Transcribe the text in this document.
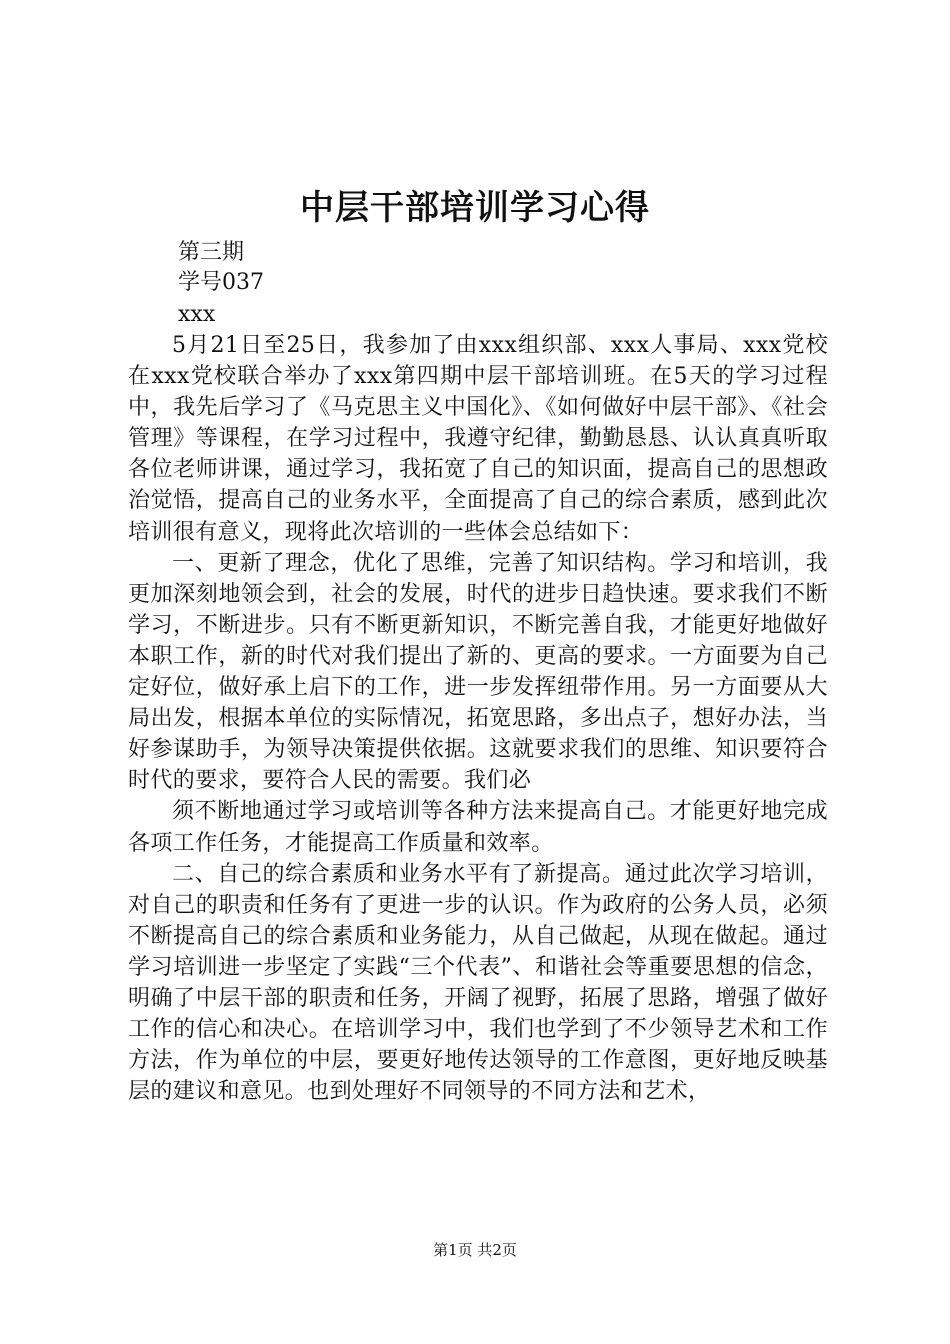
中层干部培训学习心得
第三期
学号037
xxx

5月21日至25日，我参加了由xxx组织部、xxx人事局、xxx党校在xxx党校联合举办了xxx第四期中层干部培训班。在5天的学习过程中，我先后学习了《马克思主义中国化》、《如何做好中层干部》、《社会管理》等课程，在学习过程中，我遵守纪律，勤勤恳恳、认认真真听取各位老师讲课，通过学习，我拓宽了自己的知识面，提高自己的思想政治觉悟，提高自己的业务水平，全面提高了自己的综合素质，感到此次培训很有意义，现将此次培训的一些体会总结如下：

一、更新了理念，优化了思维，完善了知识结构。学习和培训，我更加深刻地领会到，社会的发展，时代的进步日趋快速。要求我们不断学习，不断进步。只有不断更新知识，不断完善自我，才能更好地做好本职工作，新的时代对我们提出了新的、更高的要求。一方面要为自己定好位，做好承上启下的工作，进一步发挥纽带作用。另一方面要从大局出发，根据本单位的实际情况，拓宽思路，多出点子，想好办法，当好参谋助手，为领导决策提供依据。这就要求我们的思维、知识要符合时代的要求，要符合人民的需要。我们必

须不断地通过学习或培训等各种方法来提高自己。才能更好地完成各项工作任务，才能提高工作质量和效率。

二、自己的综合素质和业务水平有了新提高。通过此次学习培训，对自己的职责和任务有了更进一步的认识。作为政府的公务人员，必须不断提高自己的综合素质和业务能力，从自己做起，从现在做起。通过学习培训进一步坚定了实践“三个代表”、和谐社会等重要思想的信念，明确了中层干部的职责和任务，开阔了视野，拓展了思路，增强了做好工作的信心和决心。在培训学习中，我们也学到了不少领导艺术和工作方法，作为单位的中层，要更好地传达领导的工作意图，更好地反映基层的建议和意见。也到处理好不同领导的不同方法和艺术，

第1页 共2页
